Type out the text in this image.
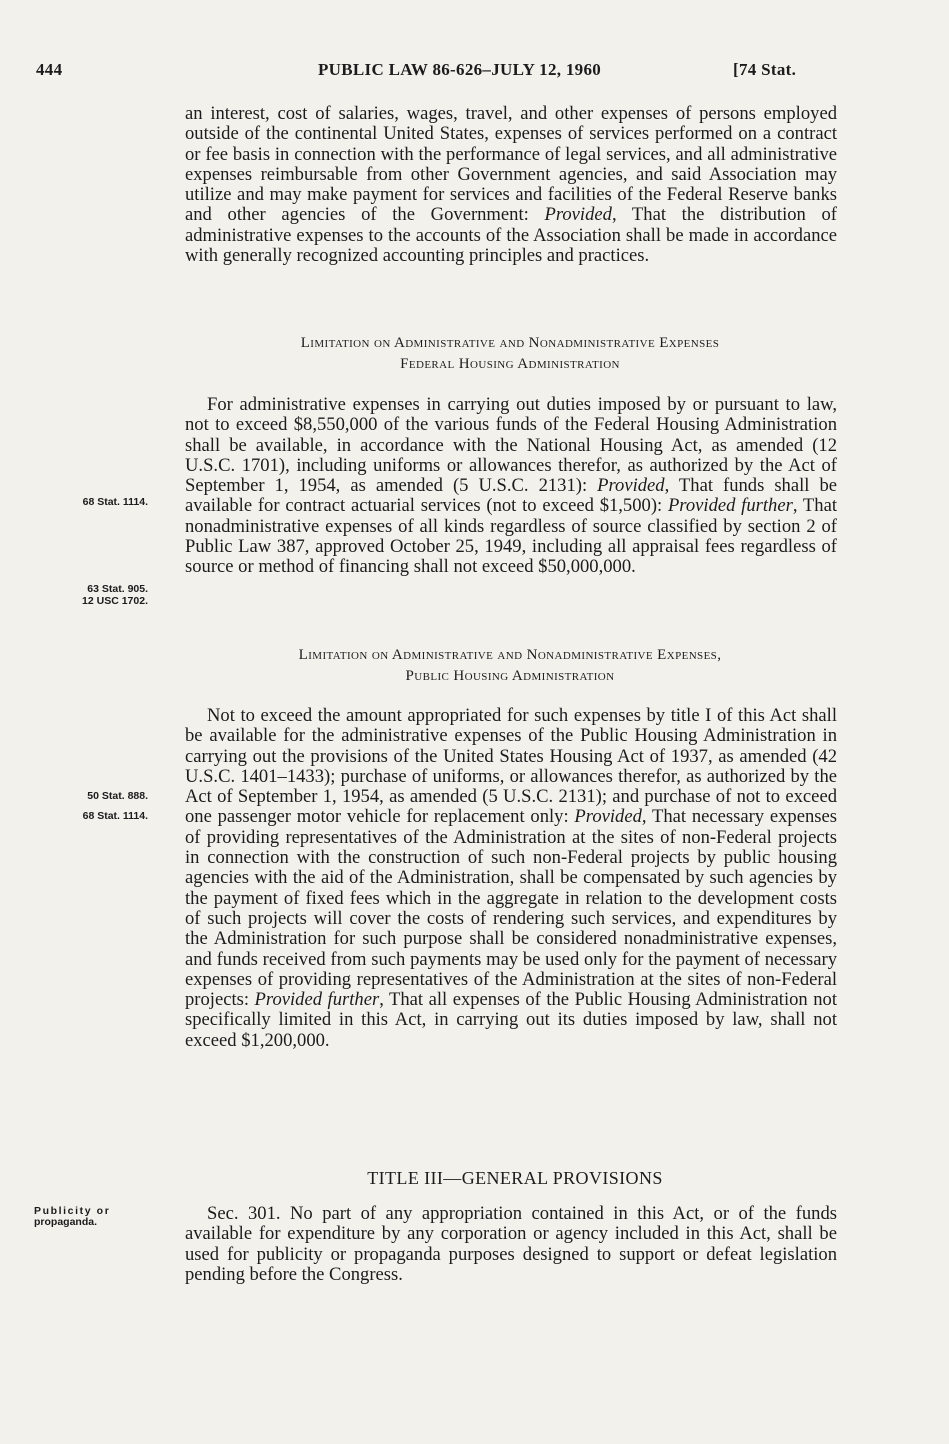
444	PUBLIC LAW 86-626–JULY 12, 1960	[74 Stat.

an interest, cost of salaries, wages, travel, and other expenses of persons employed outside of the continental United States, expenses of services performed on a contract or fee basis in connection with the performance of legal services, and all administrative expenses reimbursable from other Government agencies, and said Association may utilize and may make payment for services and facilities of the Federal Reserve banks and other agencies of the Government: Provided, That the distribution of administrative expenses to the accounts of the Association shall be made in accordance with generally recognized accounting principles and practices.

Limitation on Administrative and Nonadministrative Expenses
Federal Housing Administration

For administrative expenses in carrying out duties imposed by or pursuant to law, not to exceed $8,550,000 of the various funds of the Federal Housing Administration shall be available, in accordance with the National Housing Act, as amended (12 U.S.C. 1701), including uniforms or allowances therefor, as authorized by the Act of September 1, 1954, as amended (5 U.S.C. 2131): Provided, That funds shall be available for contract actuarial services (not to exceed $1,500): Provided further, That nonadministrative expenses of all kinds regardless of source classified by section 2 of Public Law 387, approved October 25, 1949, including all appraisal fees regardless of source or method of financing shall not exceed $50,000,000.

Limitation on Administrative and Nonadministrative Expenses,
Public Housing Administration

Not to exceed the amount appropriated for such expenses by title I of this Act shall be available for the administrative expenses of the Public Housing Administration in carrying out the provisions of the United States Housing Act of 1937, as amended (42 U.S.C. 1401–1433); purchase of uniforms, or allowances therefor, as authorized by the Act of September 1, 1954, as amended (5 U.S.C. 2131); and purchase of not to exceed one passenger motor vehicle for replacement only: Provided, That necessary expenses of providing representatives of the Administration at the sites of non-Federal projects in connection with the construction of such non-Federal projects by public housing agencies with the aid of the Administration, shall be compensated by such agencies by the payment of fixed fees which in the aggregate in relation to the development costs of such projects will cover the costs of rendering such services, and expenditures by the Administration for such purpose shall be considered nonadministrative expenses, and funds received from such payments may be used only for the payment of necessary expenses of providing representatives of the Administration at the sites of non-Federal projects: Provided further, That all expenses of the Public Housing Administration not specifically limited in this Act, in carrying out its duties imposed by law, shall not exceed $1,200,000.

TITLE III—GENERAL PROVISIONS

Sec. 301. No part of any appropriation contained in this Act, or of the funds available for expenditure by any corporation or agency included in this Act, shall be used for publicity or propaganda purposes designed to support or defeat legislation pending before the Congress.

68 Stat. 1114.
63 Stat. 905.
12 USC 1702.
50 Stat. 888.
68 Stat. 1114.
Publicity or
propaganda.
